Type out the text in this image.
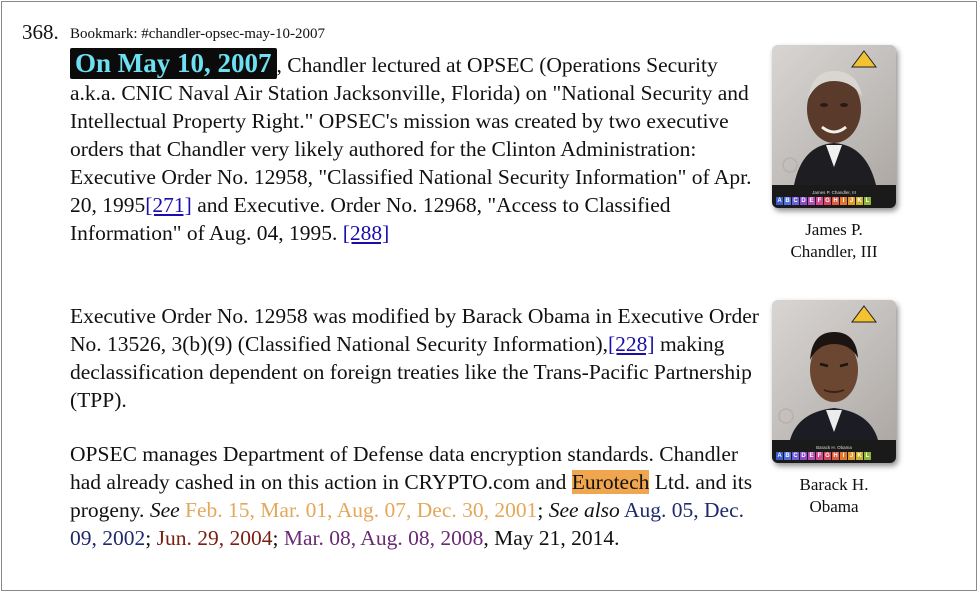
368. Bookmark: #chandler-opsec-may-10-2007
On May 10, 2007 , Chandler lectured at OPSEC (Operations Security a.k.a. CNIC Naval Air Station Jacksonville, Florida) on "National Security and Intellectual Property Right." OPSEC's mission was created by two executive orders that Chandler very likely authored for the Clinton Administration: Executive Order No. 12958, "Classified National Security Information" of Apr. 20, 1995[271] and Executive. Order No. 12968, "Access to Classified Information" of Aug. 04, 1995. [288]
Executive Order No. 12958 was modified by Barack Obama in Executive Order No. 13526, 3(b)(9) (Classified National Security Information),[228] making declassification dependent on foreign treaties like the Trans-Pacific Partnership (TPP).
OPSEC manages Department of Defense data encryption standards. Chandler had already cashed in on this action in CRYPTO.com and Eurotech Ltd. and its progeny. See Feb. 15, Mar. 01, Aug. 07, Dec. 30, 2001; See also Aug. 05, Dec. 09, 2002; Jun. 29, 2004; Mar. 08, Aug. 08, 2008, May 21, 2014.
James P. Chandler, III
A B C D E F G H I J K L
James P.
Chandler, III
Barack H. Obama
A B C D E F G H I J K L
Barack H.
Obama
